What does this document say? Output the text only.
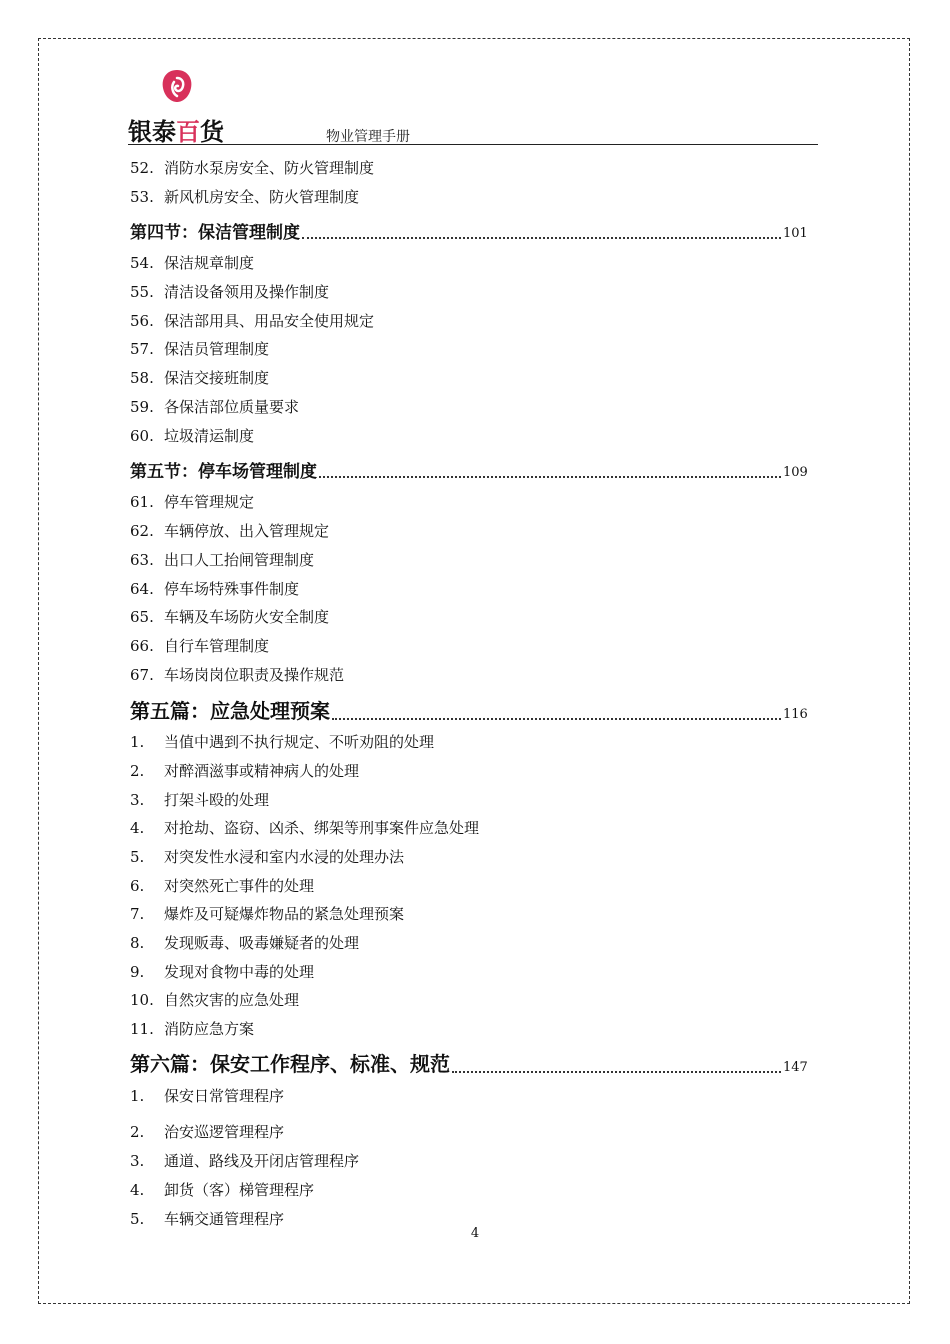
银泰百货	物业管理手册
52. 消防水泵房安全、防火管理制度
53. 新风机房安全、防火管理制度
第四节：保洁管理制度	101
54. 保洁规章制度
55. 清洁设备领用及操作制度
56. 保洁部用具、用品安全使用规定
57. 保洁员管理制度
58. 保洁交接班制度
59. 各保洁部位质量要求
60. 垃圾清运制度
第五节：停车场管理制度	109
61. 停车管理规定
62. 车辆停放、出入管理规定
63. 出口人工抬闸管理制度
64. 停车场特殊事件制度
65. 车辆及车场防火安全制度
66. 自行车管理制度
67. 车场岗岗位职责及操作规范
第五篇：应急处理预案	116
1. 当值中遇到不执行规定、不听劝阻的处理
2. 对醉酒滋事或精神病人的处理
3. 打架斗殴的处理
4. 对抢劫、盗窃、凶杀、绑架等刑事案件应急处理
5. 对突发性水浸和室内水浸的处理办法
6. 对突然死亡事件的处理
7. 爆炸及可疑爆炸物品的紧急处理预案
8. 发现贩毒、吸毒嫌疑者的处理
9. 发现对食物中毒的处理
10. 自然灾害的应急处理
11. 消防应急方案
第六篇：保安工作程序、标准、规范	147
1. 保安日常管理程序
2. 治安巡逻管理程序
3. 通道、路线及开闭店管理程序
4. 卸货（客）梯管理程序
5. 车辆交通管理程序
4
